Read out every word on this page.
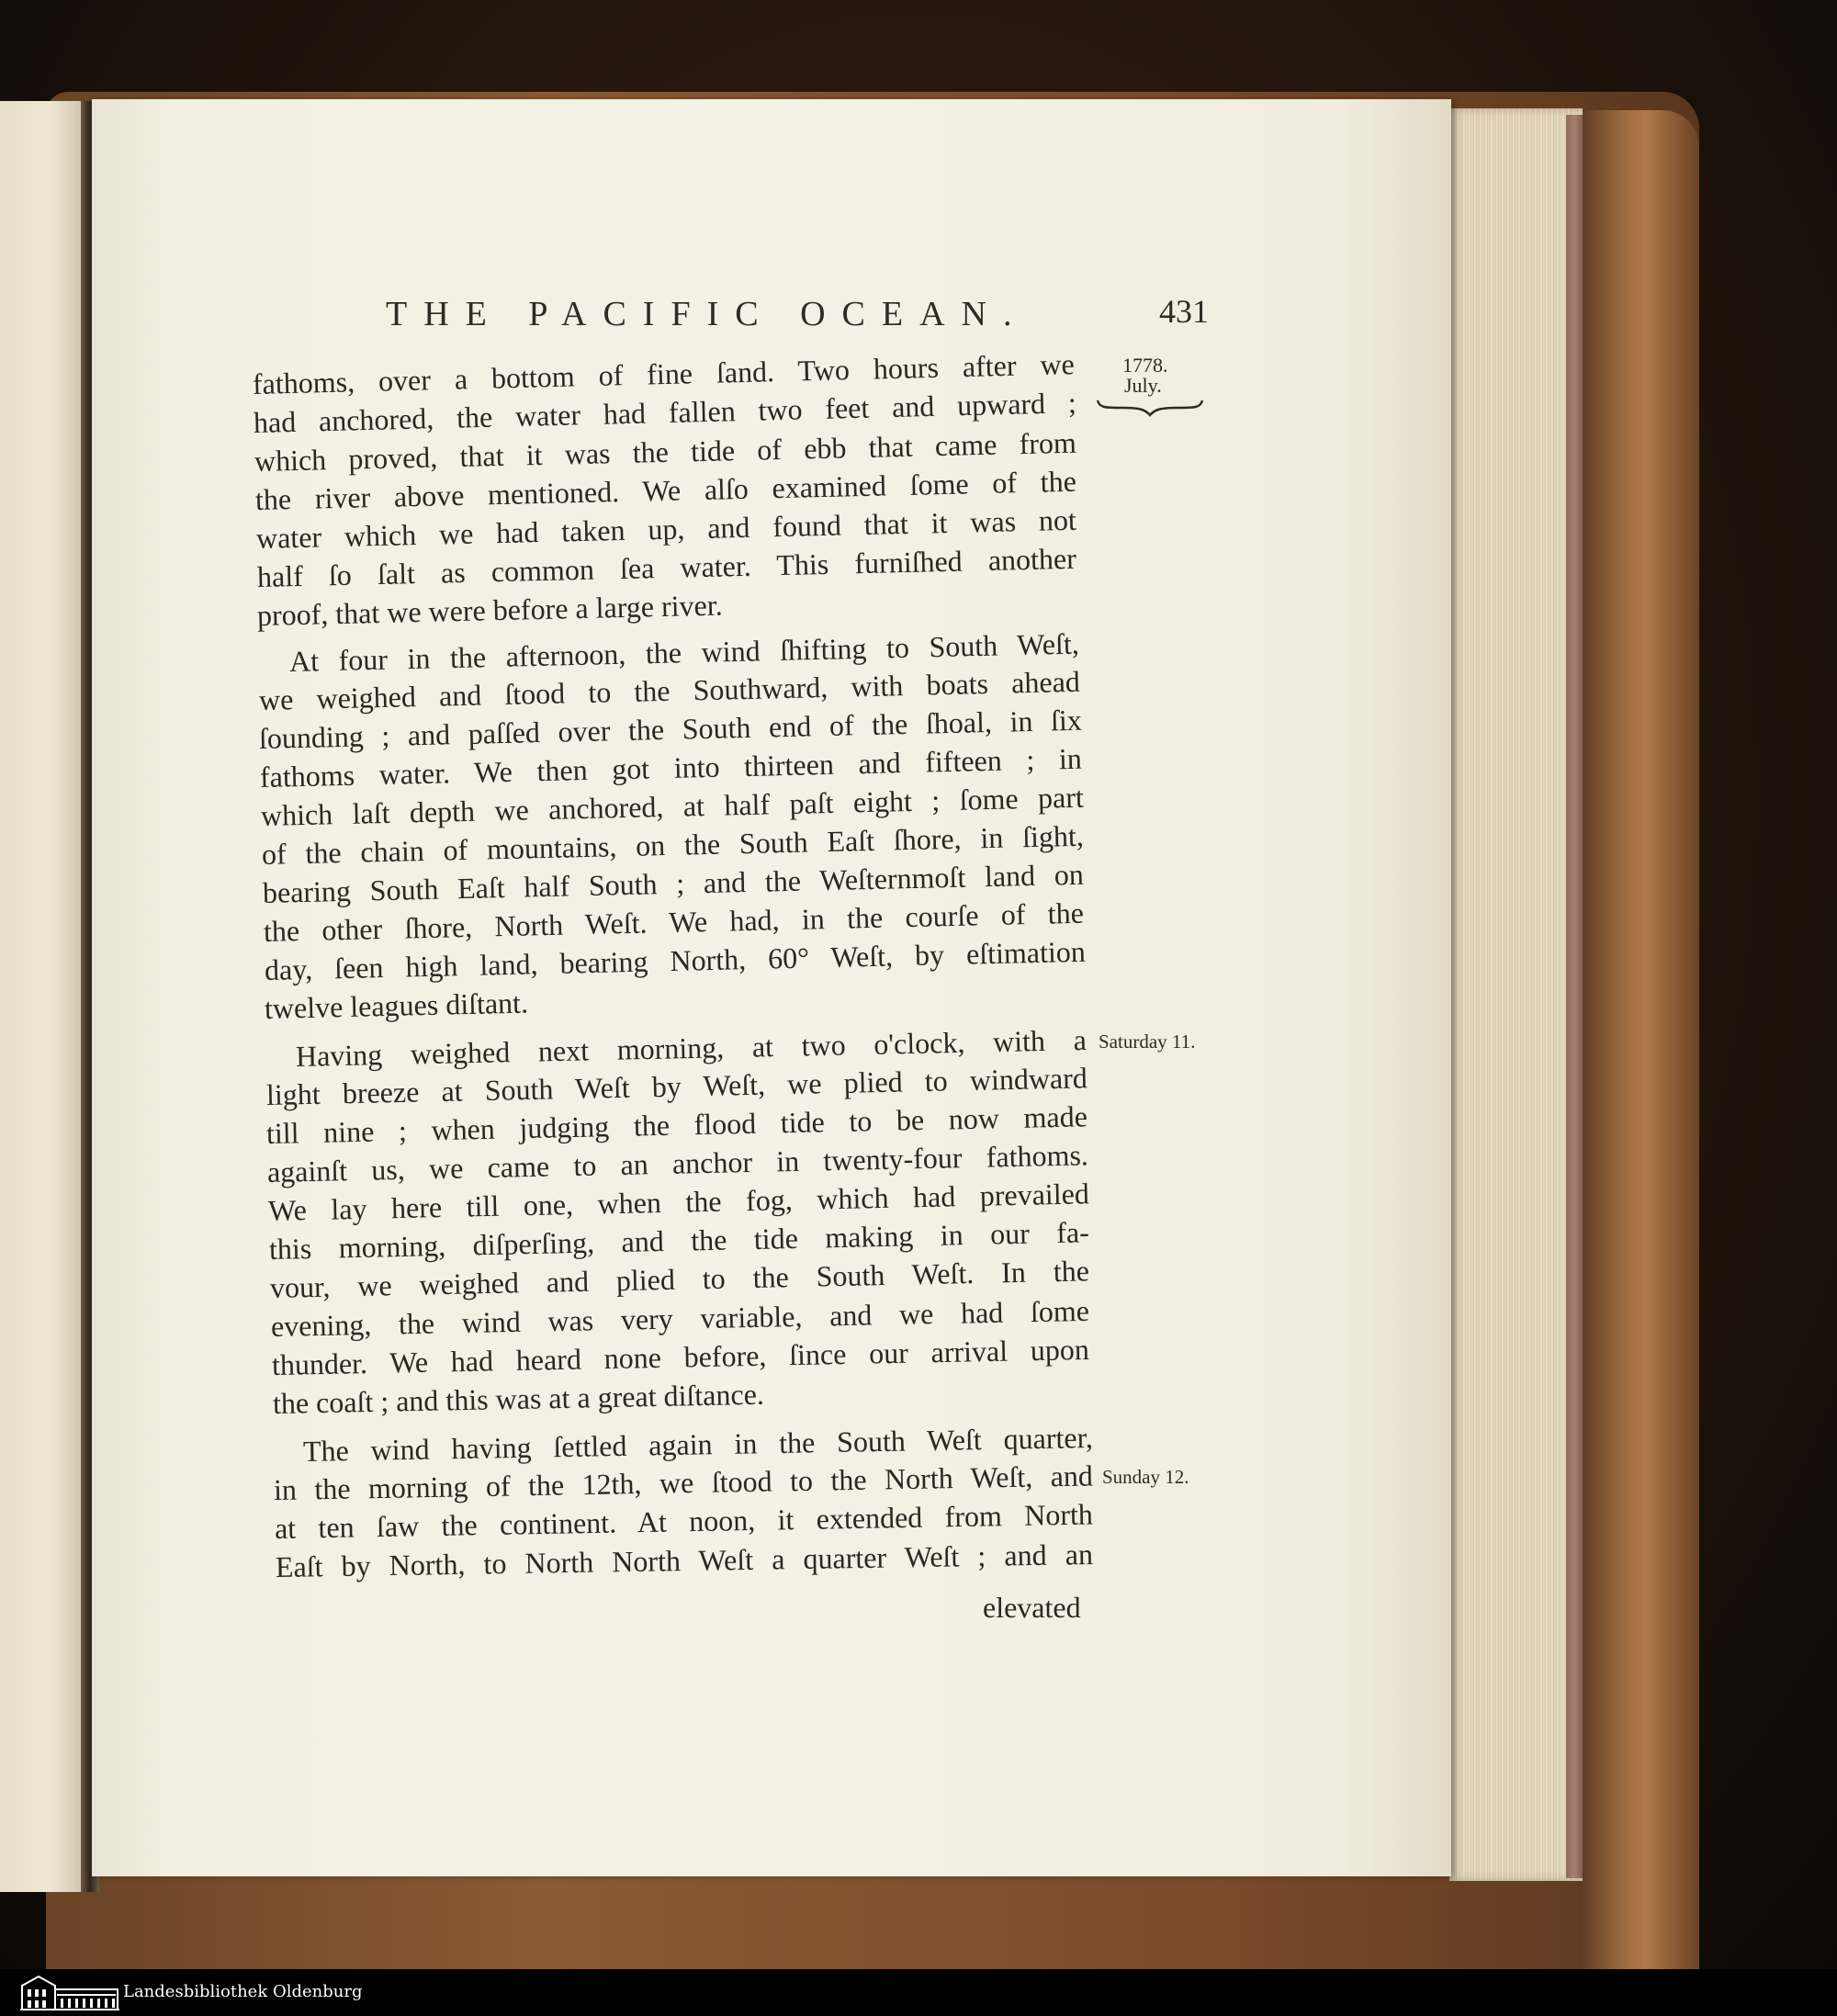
THE PACIFIC OCEAN.	431
1778.
July.
Saturday 11.
Sunday 12.
fathoms, over a bottom of fine ſand. Two hours after we
had anchored, the water had fallen two feet and upward ;
which proved, that it was the tide of ebb that came from
the river above mentioned. We alſo examined ſome of the
water which we had taken up, and found that it was not
half ſo ſalt as common ſea water. This furniſhed another
proof, that we were before a large river.
At four in the afternoon, the wind ſhifting to South Weſt,
we weighed and ſtood to the Southward, with boats ahead
ſounding ; and paſſed over the South end of the ſhoal, in ſix
fathoms water. We then got into thirteen and fifteen ; in
which laſt depth we anchored, at half paſt eight ; ſome part
of the chain of mountains, on the South Eaſt ſhore, in ſight,
bearing South Eaſt half South ; and the Weſternmoſt land on
the other ſhore, North Weſt. We had, in the courſe of the
day, ſeen high land, bearing North, 60° Weſt, by eſtimation
twelve leagues diſtant.
Having weighed next morning, at two o'clock, with a
light breeze at South Weſt by Weſt, we plied to windward
till nine ; when judging the flood tide to be now made
againſt us, we came to an anchor in twenty-four fathoms.
We lay here till one, when the fog, which had prevailed
this morning, diſperſing, and the tide making in our fa-
vour, we weighed and plied to the South Weſt. In the
evening, the wind was very variable, and we had ſome
thunder. We had heard none before, ſince our arrival upon
the coaſt ; and this was at a great diſtance.
The wind having ſettled again in the South Weſt quarter,
in the morning of the 12th, we ſtood to the North Weſt, and
at ten ſaw the continent. At noon, it extended from North
Eaſt by North, to North North Weſt a quarter Weſt ; and an
elevated
Landesbibliothek Oldenburg
